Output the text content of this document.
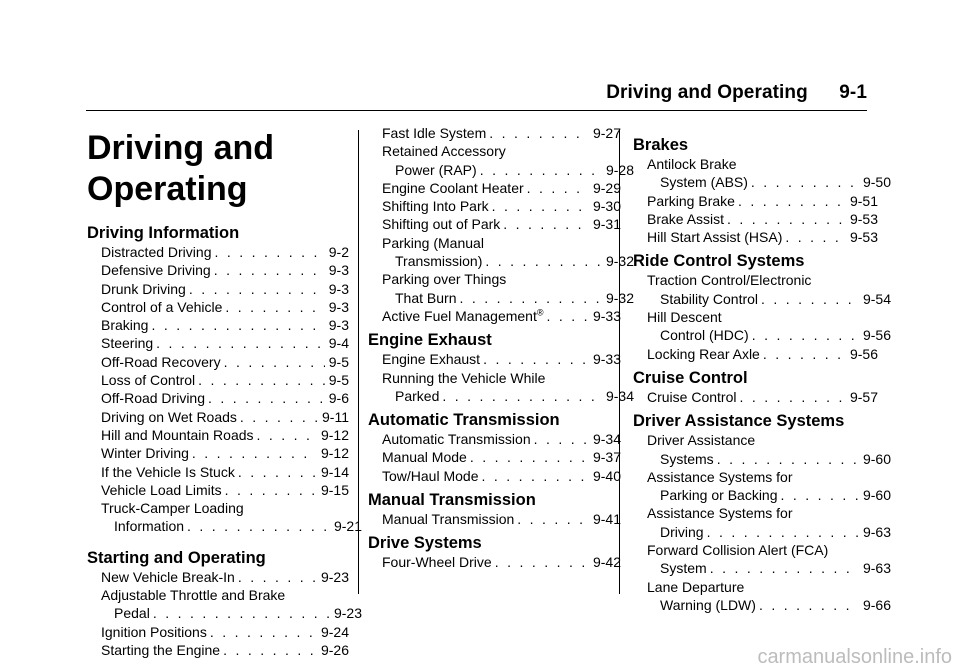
Driving and Operating 9-1
Driving and
Operating
Driving Information
Distracted Driving . . .	9-2
Defensive Driving . . .	9-3
Drunk Driving . . .	9-3
Control of a Vehicle . . .	9-3
Braking . . .	9-3
Steering . . .	9-4
Off-Road Recovery . . .	9-5
Loss of Control . . .	9-5
Off-Road Driving . . .	9-6
Driving on Wet Roads . . .	9-11
Hill and Mountain Roads . . .	9-12
Winter Driving . . .	9-12
If the Vehicle Is Stuck . . .	9-14
Vehicle Load Limits . . .	9-15
Truck-Camper Loading
Information . . .	9-21
Starting and Operating
New Vehicle Break-In . . .	9-23
Adjustable Throttle and Brake
Pedal . . .	9-23
Ignition Positions . . .	9-24
Starting the Engine . . .	9-26
Fast Idle System . . .	9-27
Retained Accessory
Power (RAP) . . .	9-28
Engine Coolant Heater . . .	9-29
Shifting Into Park . . .	9-30
Shifting out of Park . . .	9-31
Parking (Manual
Transmission) . . .	9-32
Parking over Things
That Burn . . .	9-32
Active Fuel Management® . . .	9-33
Engine Exhaust
Engine Exhaust . . .	9-33
Running the Vehicle While
Parked . . .	9-34
Automatic Transmission
Automatic Transmission . . .	9-34
Manual Mode . . .	9-37
Tow/Haul Mode . . .	9-40
Manual Transmission
Manual Transmission . . .	9-41
Drive Systems
Four-Wheel Drive . . .	9-42
Brakes
Antilock Brake
System (ABS) . . .	9-50
Parking Brake . . .	9-51
Brake Assist . . .	9-53
Hill Start Assist (HSA) . . .	9-53
Ride Control Systems
Traction Control/Electronic
Stability Control . . .	9-54
Hill Descent
Control (HDC) . . .	9-56
Locking Rear Axle . . .	9-56
Cruise Control
Cruise Control . . .	9-57
Driver Assistance Systems
Driver Assistance
Systems . . .	9-60
Assistance Systems for
Parking or Backing . . .	9-60
Assistance Systems for
Driving . . .	9-63
Forward Collision Alert (FCA)
System . . .	9-63
Lane Departure
Warning (LDW) . . .	9-66
carmanualsonline.info
